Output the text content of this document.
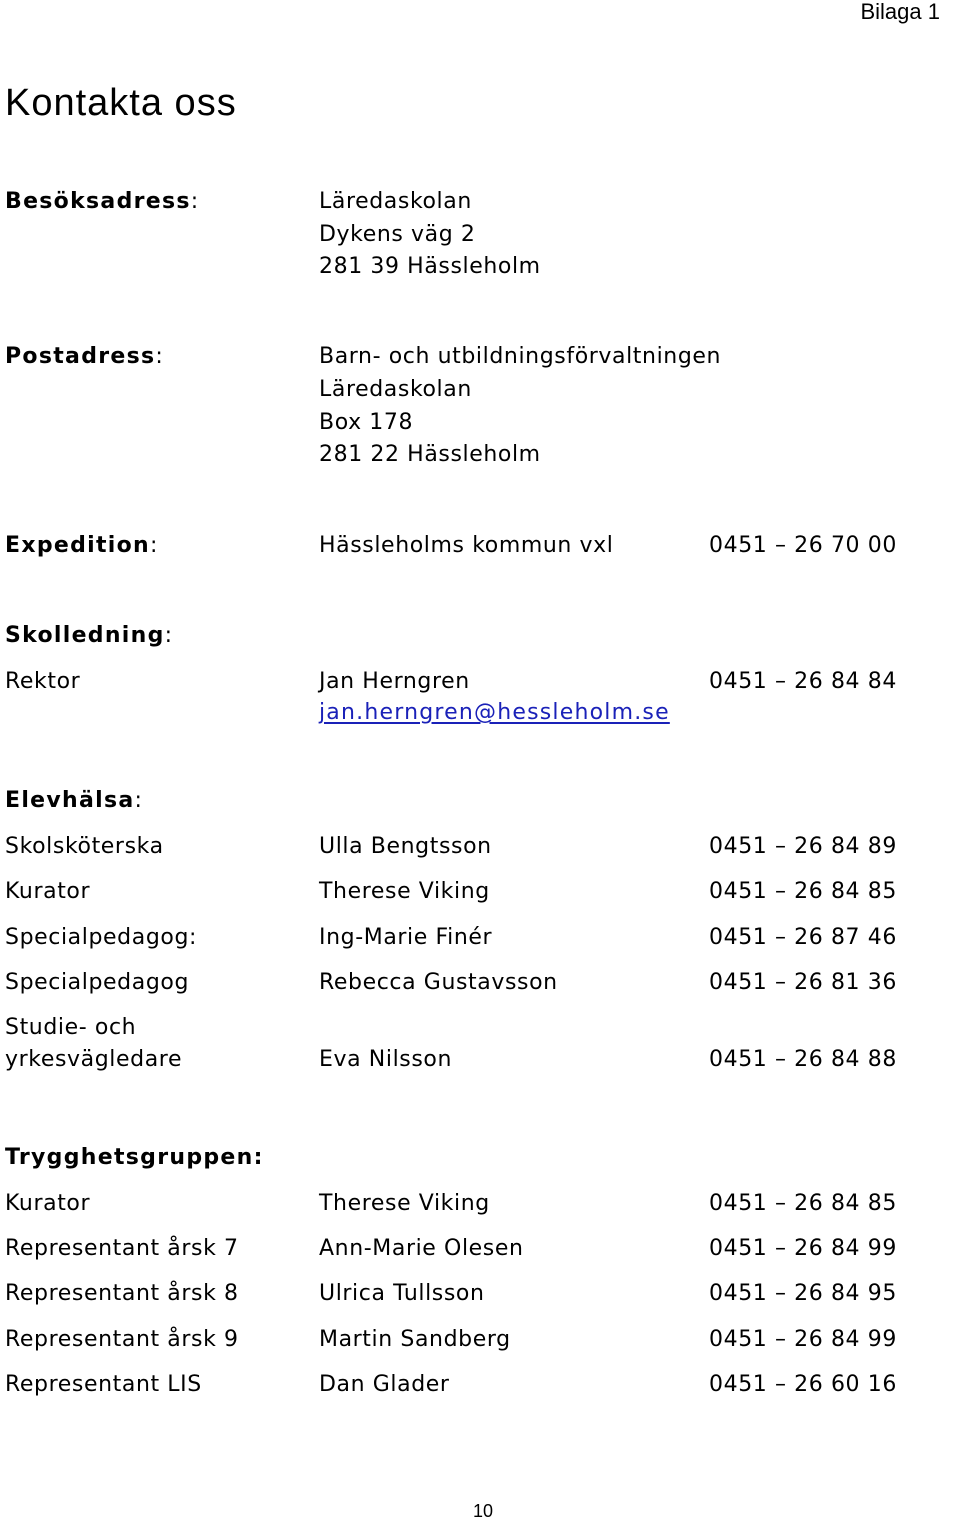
Bilaga 1
Kontakta oss
Besöksadress:	Läredaskolan
Dykens väg 2
281 39 Hässleholm
Postadress:	Barn- och utbildningsförvaltningen
Läredaskolan
Box 178
281 22 Hässleholm
Expedition:	Hässleholms kommun vxl	0451 – 26 70 00
Skolledning:
Rektor	Jan Herngren	0451 – 26 84 84
jan.herngren@hessleholm.se
Elevhälsa:
Skolsköterska	Ulla Bengtsson	0451 – 26 84 89
Kurator	Therese Viking	0451 – 26 84 85
Specialpedagog:	Ing-Marie Finér	0451 – 26 87 46
Specialpedagog	Rebecca Gustavsson	0451 – 26 81 36
Studie- och
yrkesvägledare	Eva Nilsson	0451 – 26 84 88
Trygghetsgruppen:
Kurator	Therese Viking	0451 – 26 84 85
Representant årsk 7	Ann-Marie Olesen	0451 – 26 84 99
Representant årsk 8	Ulrica Tullsson	0451 – 26 84 95
Representant årsk 9	Martin Sandberg	0451 – 26 84 99
Representant LIS	Dan Glader	0451 – 26 60 16
10
